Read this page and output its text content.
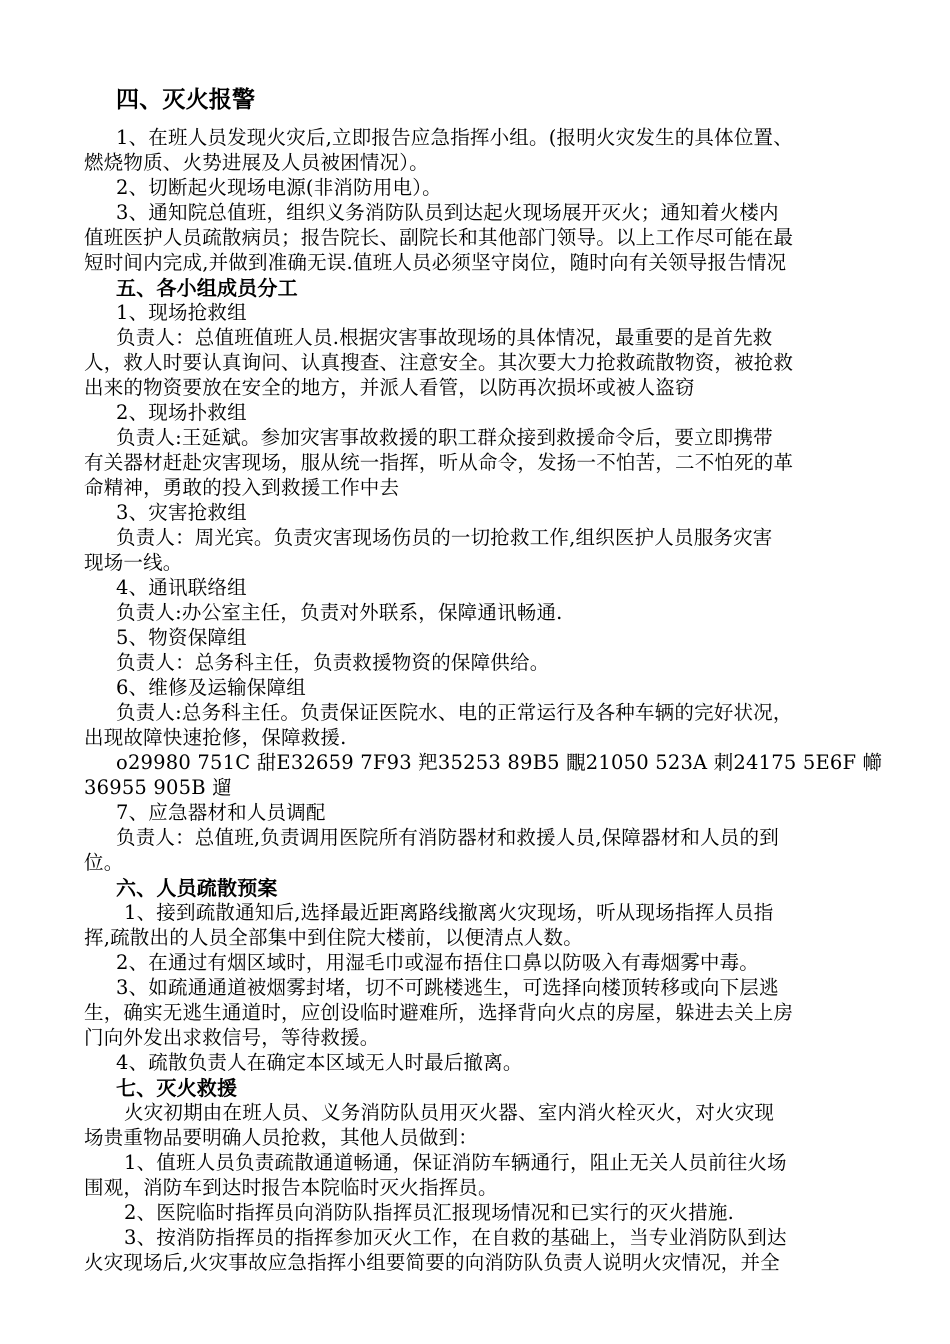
四、灭火报警
1、在班人员发现火灾后,立即报告应急指挥小组。(报明火灾发生的具体位置、
燃烧物质、火势进展及人员被困情况）。
2、切断起火现场电源(非消防用电）。
3、通知院总值班，组织义务消防队员到达起火现场展开灭火；通知着火楼内
值班医护人员疏散病员；报告院长、副院长和其他部门领导。以上工作尽可能在最
短时间内完成,并做到准确无误.值班人员必须坚守岗位，随时向有关领导报告情况
五、各小组成员分工
1、现场抢救组
负责人：总值班值班人员.根据灾害事故现场的具体情况，最重要的是首先救
人，救人时要认真询问、认真搜查、注意安全。其次要大力抢救疏散物资，被抢救
出来的物资要放在安全的地方，并派人看管，以防再次损坏或被人盗窃
2、现场扑救组
负责人:王延斌。参加灾害事故救援的职工群众接到救援命令后，要立即携带
有关器材赶赴灾害现场，服从统一指挥，听从命令，发扬一不怕苦，二不怕死的革
命精神，勇敢的投入到救援工作中去
3、灾害抢救组
负责人：周光宾。负责灾害现场伤员的一切抢救工作,组织医护人员服务灾害
现场一线。
4、通讯联络组
负责人:办公室主任，负责对外联系，保障通讯畅通.
5、物资保障组
负责人：总务科主任，负责救援物资的保障供给。
6、维修及运输保障组
负责人:总务科主任。负责保证医院水、电的正常运行及各种车辆的完好状况，
出现故障快速抢修，保障救援.
o29980 751C 甜E32659 7F93 羓35253 89B5 覵21050 523A 刺24175 5E6F 幯
36955 905B 遛
7、应急器材和人员调配
负责人：总值班,负责调用医院所有消防器材和救援人员,保障器材和人员的到
位。
六、人员疏散预案
1、接到疏散通知后,选择最近距离路线撤离火灾现场，听从现场指挥人员指
挥,疏散出的人员全部集中到住院大楼前，以便清点人数。
2、在通过有烟区域时，用湿毛巾或湿布捂住口鼻以防吸入有毒烟雾中毒。
3、如疏通通道被烟雾封堵，切不可跳楼逃生，可选择向楼顶转移或向下层逃
生，确实无逃生通道时，应创设临时避难所，选择背向火点的房屋，躲进去关上房
门向外发出求救信号，等待救援。
4、疏散负责人在确定本区域无人时最后撤离。
七、灭火救援
火灾初期由在班人员、义务消防队员用灭火器、室内消火栓灭火，对火灾现
场贵重物品要明确人员抢救，其他人员做到：
1、值班人员负责疏散通道畅通，保证消防车辆通行，阻止无关人员前往火场
围观，消防车到达时报告本院临时灭火指挥员。
2、医院临时指挥员向消防队指挥员汇报现场情况和已实行的灭火措施.
3、按消防指挥员的指挥参加灭火工作，在自救的基础上，当专业消防队到达
火灾现场后,火灾事故应急指挥小组要简要的向消防队负责人说明火灾情况，并全
